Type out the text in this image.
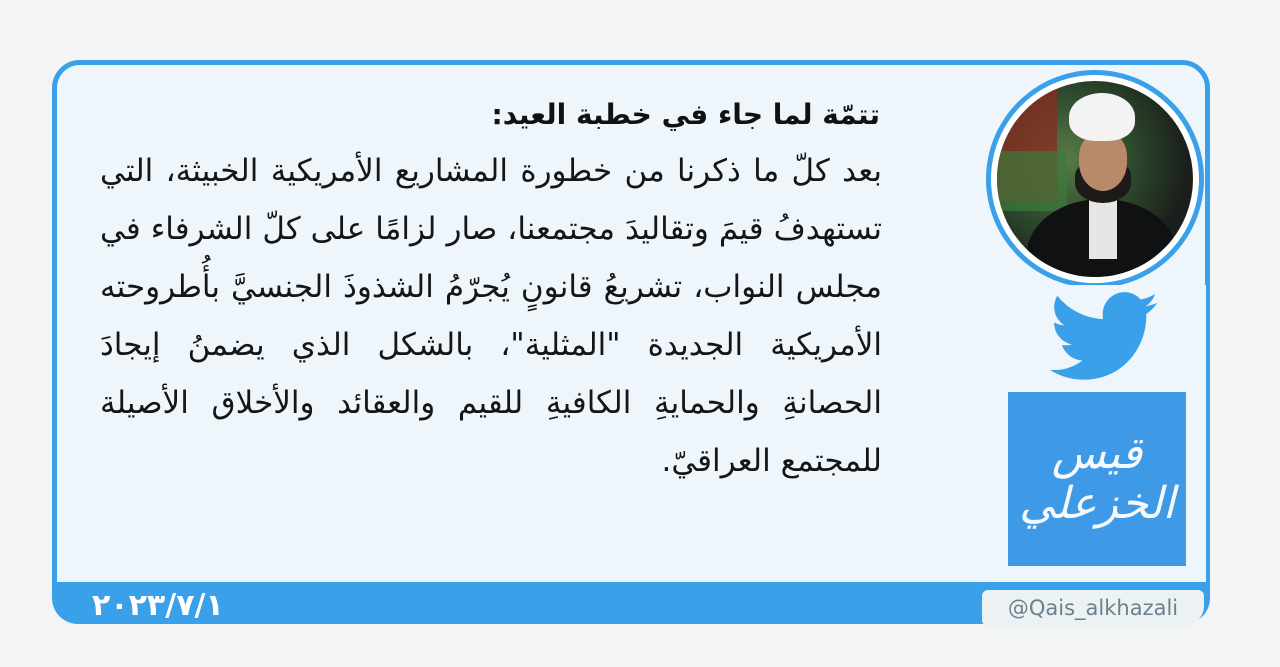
قيس الخزعلي
تتمّة لما جاء في خطبة العيد:
بعد كلّ ما ذكرنا من خطورة المشاريع الأمريكية الخبيثة، التي تستهدفُ قيمَ وتقاليدَ مجتمعنا، صار لزامًا على كلّ الشرفاء في مجلس النواب، تشريعُ قانونٍ يُجرّمُ الشذوذَ الجنسيَّ بأُطروحته الأمريكية الجديدة "المثلية"، بالشكل الذي يضمنُ إيجادَ الحصانةِ والحمايةِ الكافيةِ للقيم والعقائد والأخلاق الأصيلة للمجتمع العراقيّ.
٢٠٢٣/٧/١	@Qais_alkhazali
